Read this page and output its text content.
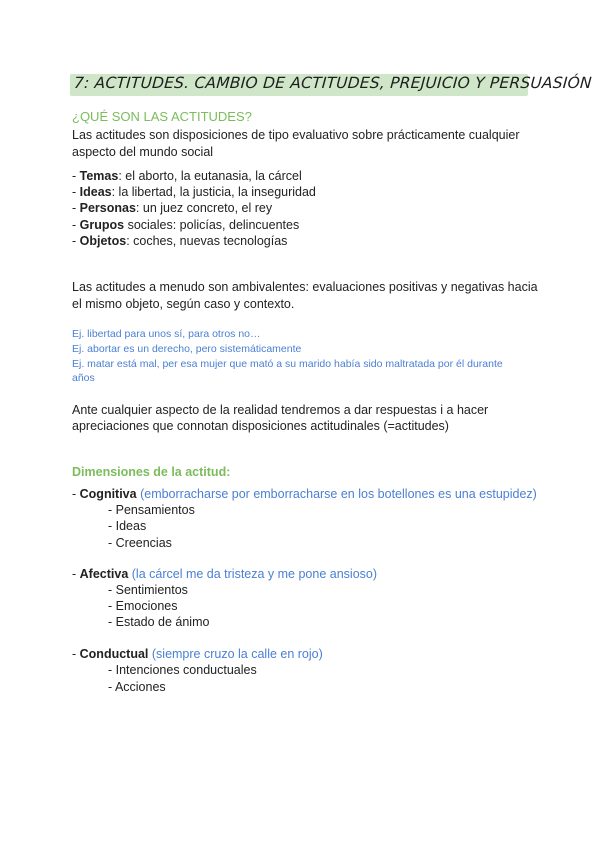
7: ACTITUDES. CAMBIO DE ACTITUDES, PREJUICIO Y PERSUASIÓN
¿QUÉ SON LAS ACTITUDES?
Las actitudes son disposiciones de tipo evaluativo sobre prácticamente cualquier
aspecto del mundo social
- Temas: el aborto, la eutanasia, la cárcel
- Ideas: la libertad, la justicia, la inseguridad
- Personas: un juez concreto, el rey
- Grupos sociales: policías, delincuentes
- Objetos: coches, nuevas tecnologías
Las actitudes a menudo son ambivalentes: evaluaciones positivas y negativas hacia
el mismo objeto, según caso y contexto.
Ej. libertad para unos sí, para otros no…
Ej. abortar es un derecho, pero sistemáticamente
Ej. matar está mal, per esa mujer que mató a su marido había sido maltratada por él durante
años
Ante cualquier aspecto de la realidad tendremos a dar respuestas i a hacer
apreciaciones que connotan disposiciones actitudinales (=actitudes)
Dimensiones de la actitud:
- Cognitiva (emborracharse por emborracharse en los botellones es una estupidez)
- Pensamientos
- Ideas
- Creencias
- Afectiva (la cárcel me da tristeza y me pone ansioso)
- Sentimientos
- Emociones
- Estado de ánimo
- Conductual (siempre cruzo la calle en rojo)
- Intenciones conductuales
- Acciones
